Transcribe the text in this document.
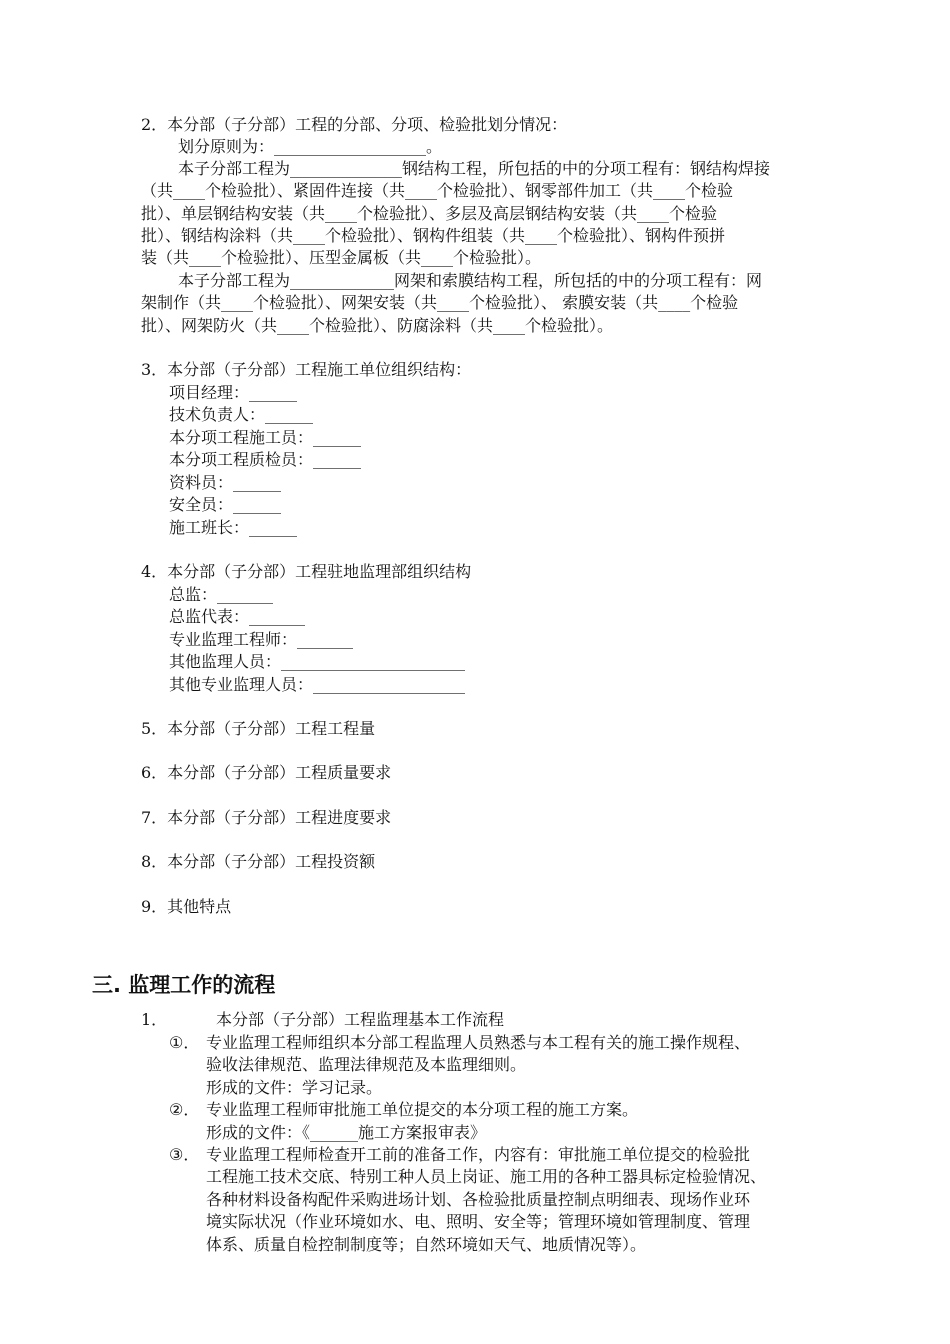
2．本分部（子分部）工程的分部、分项、检验批划分情况：
划分原则为：___________________。
本子分部工程为______________钢结构工程，所包括的中的分项工程有：钢结构焊接
（共____个检验批）、紧固件连接（共____个检验批）、钢零部件加工（共____个检验
批）、单层钢结构安装（共____个检验批）、多层及高层钢结构安装（共____个检验
批）、钢结构涂料（共____个检验批）、钢构件组装（共____个检验批）、钢构件预拼
装（共____个检验批）、压型金属板（共____个检验批）。
本子分部工程为_____________网架和索膜结构工程，所包括的中的分项工程有：网
架制作（共____个检验批）、网架安装（共____个检验批）、 索膜安装（共____个检验
批）、网架防火（共____个检验批）、防腐涂料（共____个检验批）。
3．本分部（子分部）工程施工单位组织结构：
项目经理：______
技术负责人：______
本分项工程施工员：______
本分项工程质检员：______
资料员：______
安全员：______
施工班长：______
4．本分部（子分部）工程驻地监理部组织结构
总监：_______
总监代表：_______
专业监理工程师：_______
其他监理人员：_______________________
其他专业监理人员：___________________
5．本分部（子分部）工程工程量
6．本分部（子分部）工程质量要求
7．本分部（子分部）工程进度要求
8．本分部（子分部）工程投资额
9．其他特点
三. 监理工作的流程
1．	本分部（子分部）工程监理基本工作流程
①． 专业监理工程师组织本分部工程监理人员熟悉与本工程有关的施工操作规程、
验收法律规范、监理法律规范及本监理细则。
形成的文件：学习记录。
②． 专业监理工程师审批施工单位提交的本分项工程的施工方案。
形成的文件：《______施工方案报审表》
③． 专业监理工程师检查开工前的准备工作，内容有：审批施工单位提交的检验批
工程施工技术交底、特别工种人员上岗证、施工用的各种工器具标定检验情况、
各种材料设备构配件采购进场计划、各检验批质量控制点明细表、现场作业环
境实际状况（作业环境如水、电、照明、安全等；管理环境如管理制度、管理
体系、质量自检控制制度等；自然环境如天气、地质情况等）。
